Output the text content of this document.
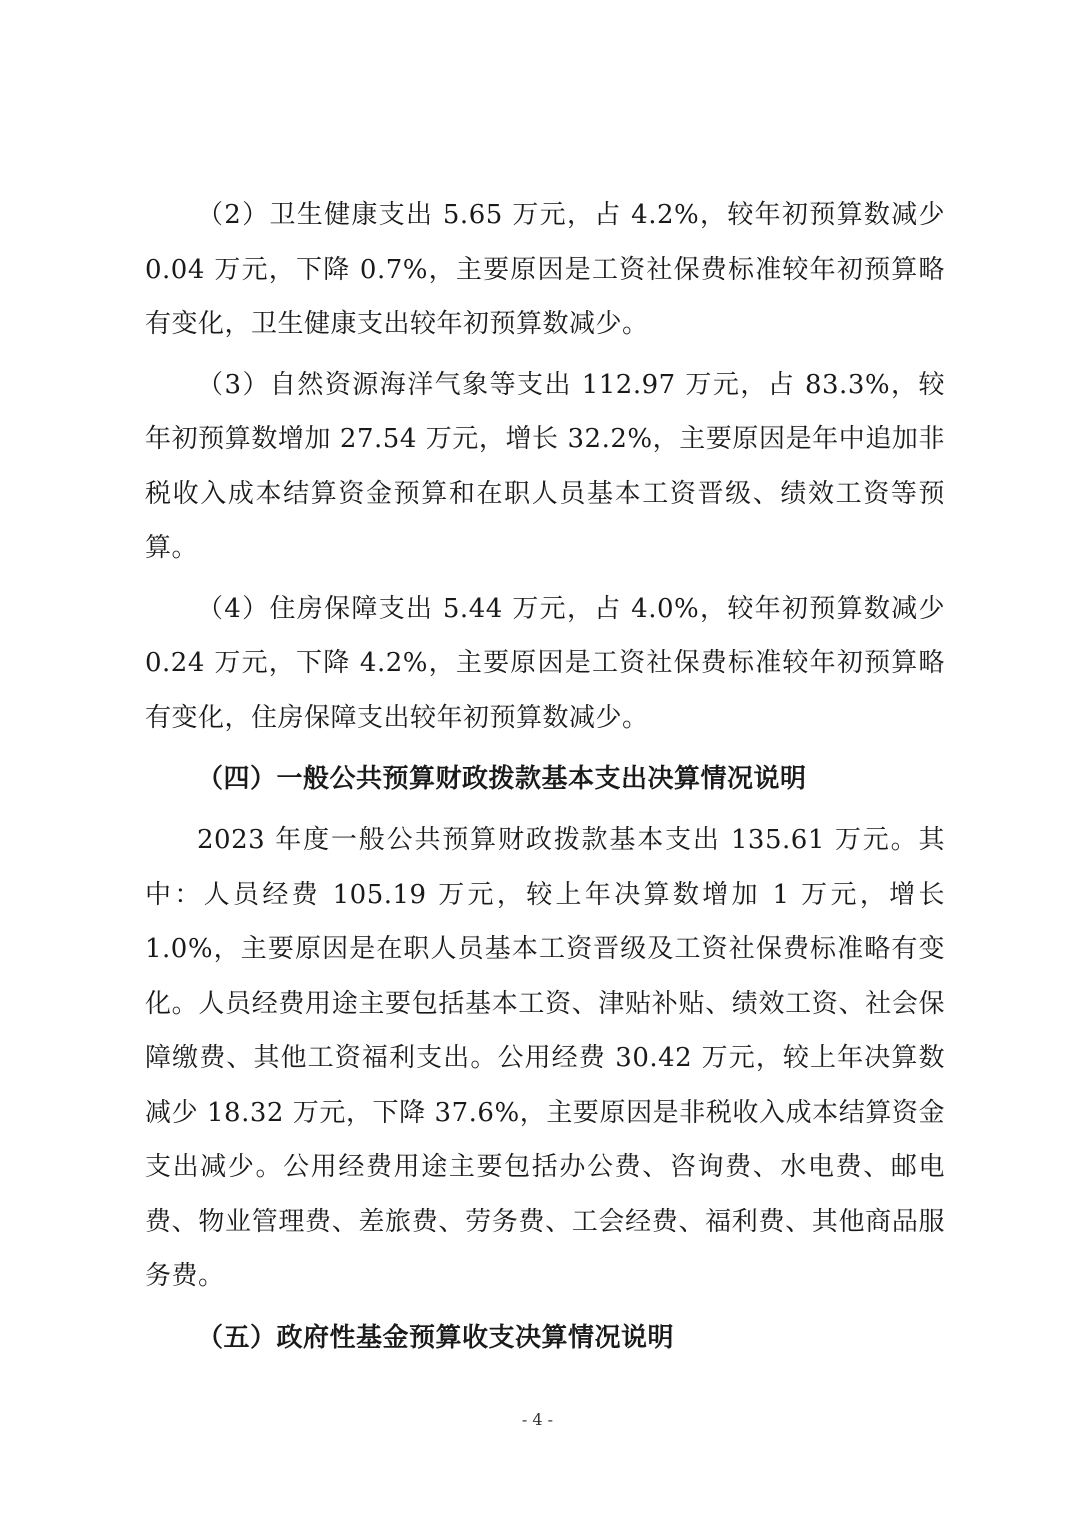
（2）卫生健康支出 5.65 万元，占 4.2%，较年初预算数减少 0.04 万元，下降 0.7%，主要原因是工资社保费标准较年初预算略有变化，卫生健康支出较年初预算数减少。

（3）自然资源海洋气象等支出 112.97 万元，占 83.3%，较年初预算数增加 27.54 万元，增长 32.2%，主要原因是年中追加非税收入成本结算资金预算和在职人员基本工资晋级、绩效工资等预算。

（4）住房保障支出 5.44 万元，占 4.0%，较年初预算数减少 0.24 万元，下降 4.2%，主要原因是工资社保费标准较年初预算略有变化，住房保障支出较年初预算数减少。

（四）一般公共预算财政拨款基本支出决算情况说明

2023 年度一般公共预算财政拨款基本支出 135.61 万元。其中：人员经费 105.19 万元，较上年决算数增加 1 万元，增长 1.0%，主要原因是在职人员基本工资晋级及工资社保费标准略有变化。人员经费用途主要包括基本工资、津贴补贴、绩效工资、社会保障缴费、其他工资福利支出。公用经费 30.42 万元，较上年决算数减少 18.32 万元，下降 37.6%，主要原因是非税收入成本结算资金支出减少。公用经费用途主要包括办公费、咨询费、水电费、邮电费、物业管理费、差旅费、劳务费、工会经费、福利费、其他商品服务费。

（五）政府性基金预算收支决算情况说明

- 4 -
